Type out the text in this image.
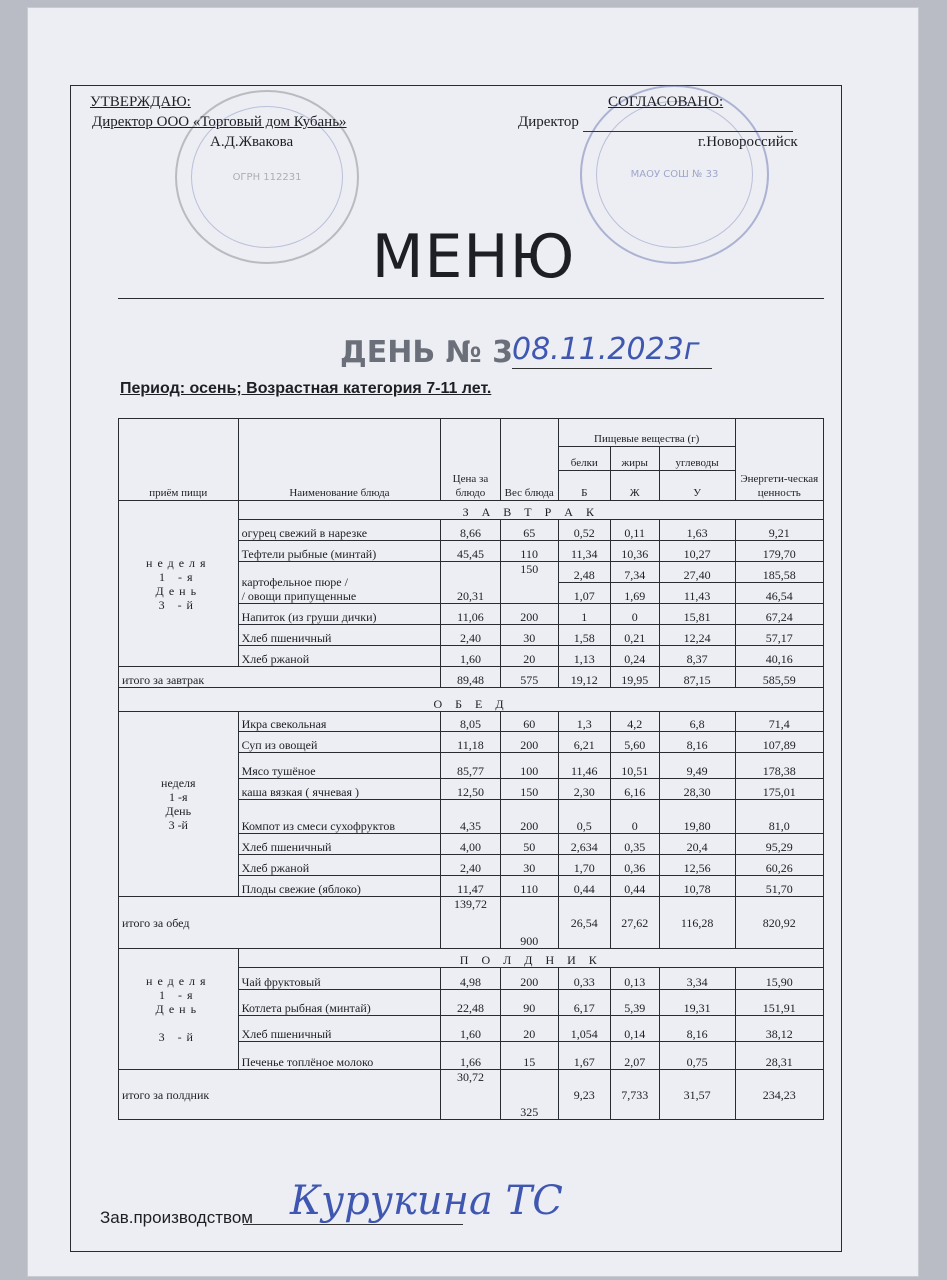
ОГРН 112231	МАОУ СОШ № 33
УТВЕРЖДАЮ:
Директор ООО «Торговый дом Кубань»
А.Д.Жвакова
СОГЛАСОВАНО:
Директор
г.Новороссийск
МЕНЮ
ДЕНЬ № 3
08.11.2023г
Период: осень; Возрастная категория 7-11 лет.
приём пищи	Наименование блюда	Цена за блюдо	Вес блюда	Пищевые вещества (г)			Энергети-ческая ценность
				белки	жиры	углеводы	
				Б	Ж	У	

неделя
1 -я
День
3 -й	З А В Т Р А К						
	огурец свежий в нарезке	8,66	65	0,52	0,11	1,63	9,21
	Тефтели рыбные (минтай)	45,45	110	11,34	10,36	10,27	179,70

	картофельное пюре /
/ овощи припущенные	20,31	150	2,48	7,34	27,40	185,58
				1,07	1,69	11,43	46,54
	Напиток (из груши дички)	11,06	200	1	0	15,81	67,24
	Хлеб пшеничный	2,40	30	1,58	0,21	12,24	57,17
	Хлеб ржаной	1,60	20	1,13	0,24	8,37	40,16
итого за завтрак		89,48	575	19,12	19,95	87,15	585,59
О Б Е Д							

неделя
1 -я
День
3 -й	Икра свекольная	8,05	60	1,3	4,2	6,8	71,4
	Суп из овощей	11,18	200	6,21	5,60	8,16	107,89
	Мясо тушёное	85,77	100	11,46	10,51	9,49	178,38
	каша вязкая ( ячневая )	12,50	150	2,30	6,16	28,30	175,01
	Компот из смеси сухофруктов	4,35	200	0,5	0	19,80	81,0
	Хлеб пшеничный	4,00	50	2,634	0,35	20,4	95,29
	Хлеб ржаной	2,40	30	1,70	0,36	12,56	60,26
	Плоды свежие (яблоко)	11,47	110	0,44	0,44	10,78	51,70
итого за обед		139,72	900	26,54	27,62	116,28	820,92

неделя
1 -я
День
3 -й	П О Л Д Н И К						
	Чай фруктовый	4,98	200	0,33	0,13	3,34	15,90
	Котлета рыбная (минтай)	22,48	90	6,17	5,39	19,31	151,91
	Хлеб пшеничный	1,60	20	1,054	0,14	8,16	38,12
	Печенье топлёное молоко	1,66	15	1,67	2,07	0,75	28,31
итого за полдник		30,72	325	9,23	7,733	31,57	234,23
Зав.производством Курукина ТС
